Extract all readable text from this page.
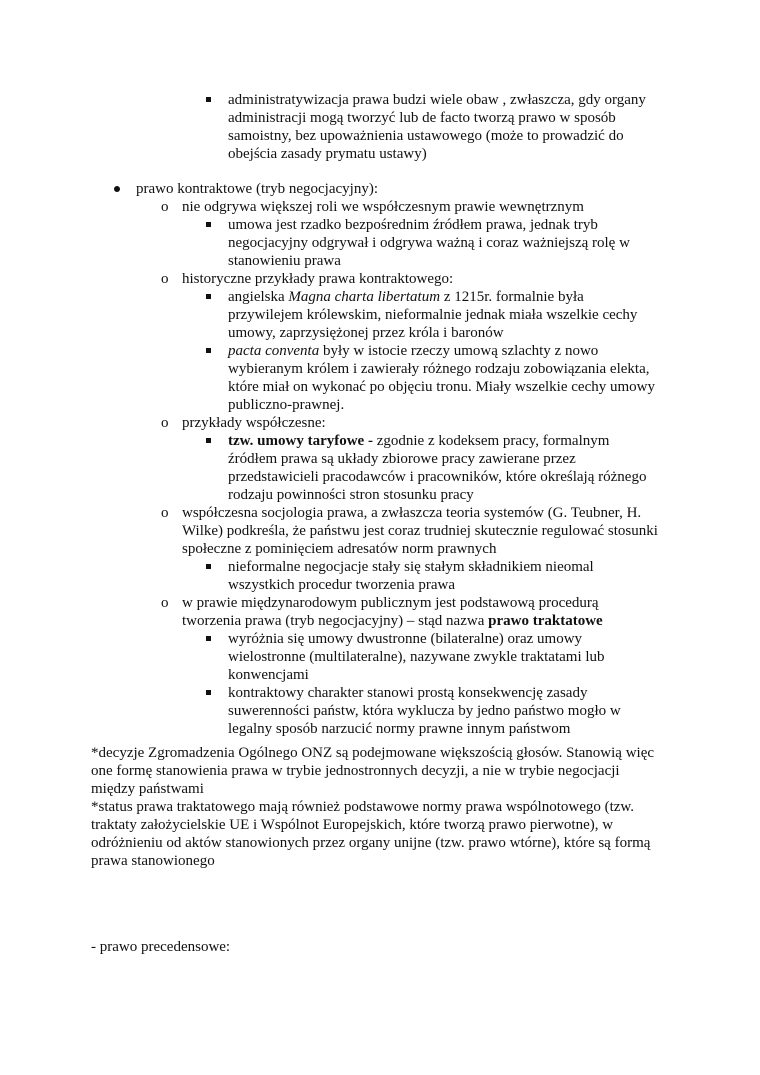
administratywizacja prawa budzi wiele obaw , zwłaszcza, gdy organy
administracji mogą tworzyć lub de facto tworzą prawo w sposób
samoistny, bez upoważnienia ustawowego (może to prowadzić do
obejścia zasady prymatu ustawy)
prawo kontraktowe (tryb negocjacyjny):
o nie odgrywa większej roli we współczesnym prawie wewnętrznym
umowa jest rzadko bezpośrednim źródłem prawa, jednak tryb
negocjacyjny odgrywał i odgrywa ważną i coraz ważniejszą rolę w
stanowieniu prawa
o historyczne przykłady prawa kontraktowego:
angielska Magna charta libertatum z 1215r. formalnie była
przywilejem królewskim, nieformalnie jednak miała wszelkie cechy
umowy, zaprzysiężonej przez króla i baronów
pacta conventa były w istocie rzeczy umową szlachty z nowo
wybieranym królem i zawierały różnego rodzaju zobowiązania elekta,
które miał on wykonać po objęciu tronu. Miały wszelkie cechy umowy
publiczno-prawnej.
o przykłady współczesne:
tzw. umowy taryfowe - zgodnie z kodeksem pracy, formalnym
źródłem prawa są układy zbiorowe pracy zawierane przez
przedstawicieli pracodawców i pracowników, które określają różnego
rodzaju powinności stron stosunku pracy
o współczesna socjologia prawa, a zwłaszcza teoria systemów (G. Teubner, H.
Wilke) podkreśla, że państwu jest coraz trudniej skutecznie regulować stosunki
społeczne z pominięciem adresatów norm prawnych
nieformalne negocjacje stały się stałym składnikiem nieomal
wszystkich procedur tworzenia prawa
o w prawie międzynarodowym publicznym jest podstawową procedurą
tworzenia prawa (tryb negocjacyjny) – stąd nazwa prawo traktatowe
wyróżnia się umowy dwustronne (bilateralne) oraz umowy
wielostronne (multilateralne), nazywane zwykle traktatami lub
konwencjami
kontraktowy charakter stanowi prostą konsekwencję zasady
suwerenności państw, która wyklucza by jedno państwo mogło w
legalny sposób narzucić normy prawne innym państwom
*decyzje Zgromadzenia Ogólnego ONZ są podejmowane większością głosów. Stanowią więc
one formę stanowienia prawa w trybie jednostronnych decyzji, a nie w trybie negocjacji
między państwami
*status prawa traktatowego mają również podstawowe normy prawa wspólnotowego (tzw.
traktaty założycielskie UE i Wspólnot Europejskich, które tworzą prawo pierwotne), w
odróżnieniu od aktów stanowionych przez organy unijne (tzw. prawo wtórne), które są formą
prawa stanowionego
- prawo precedensowe:
